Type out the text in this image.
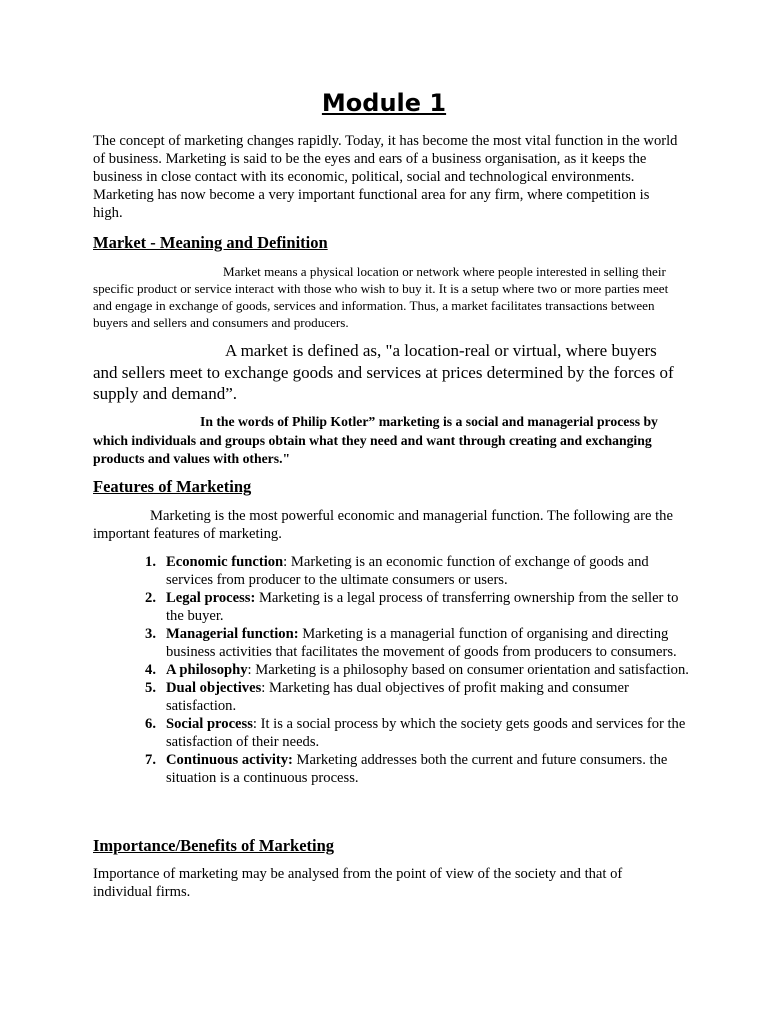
Module 1

The concept of marketing changes rapidly. Today, it has become the most vital function in the world of business. Marketing is said to be the eyes and ears of a business organisation, as it keeps the business in close contact with its economic, political, social and technological environments. Marketing has now become a very important functional area for any firm, where competition is high.

Market - Meaning and Definition

Market means a physical location or network where people interested in selling their specific product or service interact with those who wish to buy it. It is a setup where two or more parties meet and engage in exchange of goods, services and information. Thus, a market facilitates transactions between buyers and sellers and consumers and producers.

A market is defined as, "a location-real or virtual, where buyers and sellers meet to exchange goods and services at prices determined by the forces of supply and demand”.

In the words of Philip Kotler” marketing is a social and managerial process by which individuals and groups obtain what they need and want through creating and exchanging products and values with others."

Features of Marketing

Marketing is the most powerful economic and managerial function. The following are the important features of marketing.

1. Economic function: Marketing is an economic function of exchange of goods and services from producer to the ultimate consumers or users.
2. Legal process: Marketing is a legal process of transferring ownership from the seller to the buyer.
3. Managerial function: Marketing is a managerial function of organising and directing business activities that facilitates the movement of goods from producers to consumers.
4. A philosophy: Marketing is a philosophy based on consumer orientation and satisfaction.
5. Dual objectives: Marketing has dual objectives of profit making and consumer satisfaction.
6. Social process: It is a social process by which the society gets goods and services for the satisfaction of their needs.
7. Continuous activity: Marketing addresses both the current and future consumers. the situation is a continuous process.
Importance/Benefits of Marketing

Importance of marketing may be analysed from the point of view of the society and that of individual firms.
